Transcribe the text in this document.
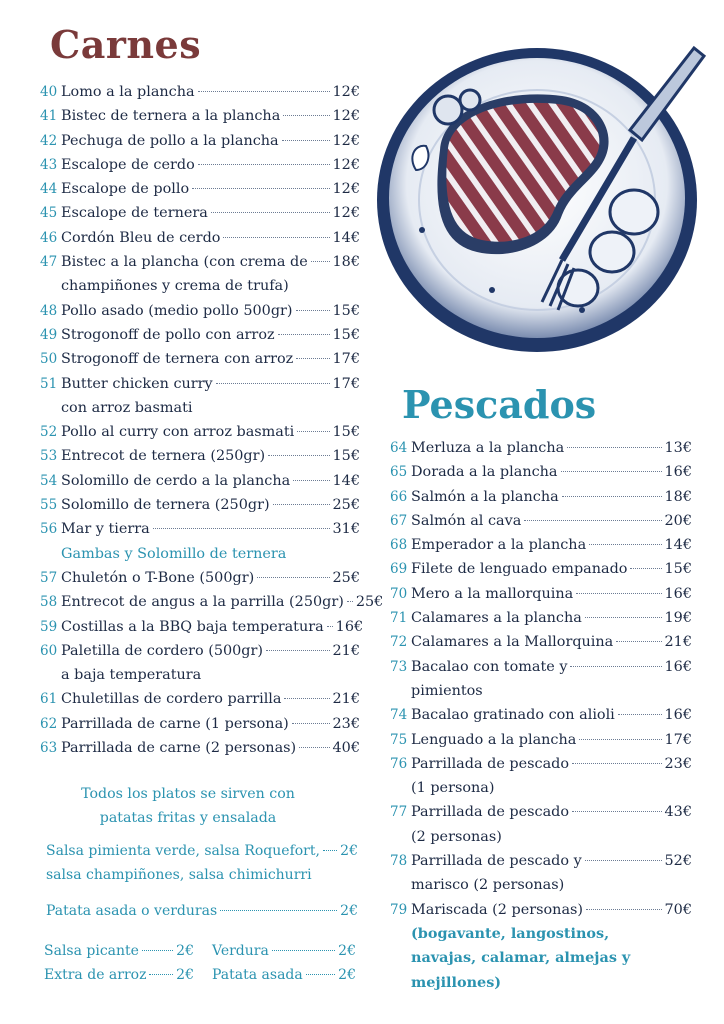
Carnes
40 Lomo a la plancha	12€
41 Bistec de ternera a la plancha	12€
42 Pechuga de pollo a la plancha	12€
43 Escalope de cerdo	12€
44 Escalope de pollo	12€
45 Escalope de ternera	12€
46 Cordón Bleu de cerdo	14€
47 Bistec a la plancha (con crema de 18€
champiñones y crema de trufa)
48 Pollo asado (medio pollo 500gr)	15€
49 Strogonoff de pollo con arroz	15€
50 Strogonoff de ternera con arroz	17€
51 Butter chicken curry	17€
con arroz basmati
52 Pollo al curry con arroz basmati	15€
53 Entrecot de ternera (250gr)	15€
54 Solomillo de cerdo a la plancha	14€
55 Solomillo de ternera (250gr)	25€
56 Mar y tierra	31€
Gambas y Solomillo de ternera
57 Chuletón o T-Bone (500gr)	25€
58 Entrecot de angus a la parrilla (250gr) 25€
59 Costillas a la BBQ baja temperatura 16€
60 Paletilla de cordero (500gr)	21€
a baja temperatura
61 Chuletillas de cordero parrilla	21€
62 Parrillada de carne (1 persona)	23€
63 Parrillada de carne (2 personas)	40€
Pescados
64 Merluza a la plancha	13€
65 Dorada a la plancha	16€
66 Salmón a la plancha	18€
67 Salmón al cava	20€
68 Emperador a la plancha	14€
69 Filete de lenguado empanado	15€
70 Mero a la mallorquina	16€
71 Calamares a la plancha	19€
72 Calamares a la Mallorquina	21€
73 Bacalao con tomate y	16€
pimientos
74 Bacalao gratinado con alioli	16€
75 Lenguado a la plancha	17€
76 Parrillada de pescado	23€
(1 persona)
77 Parrillada de pescado	43€
(2 personas)
78 Parrillada de pescado y	52€
marisco (2 personas)
79 Mariscada (2 personas)	70€
(bogavante, langostinos,
navajas, calamar, almejas y
mejillones)
Todos los platos se sirven con
patatas fritas y ensalada
Salsa pimienta verde, salsa Roquefort, 2€
salsa champiñones, salsa chimichurri
Patata asada o verduras	2€
Salsa picante	2€ Verdura	2€
Extra de arroz 2€ Patata asada	2€
